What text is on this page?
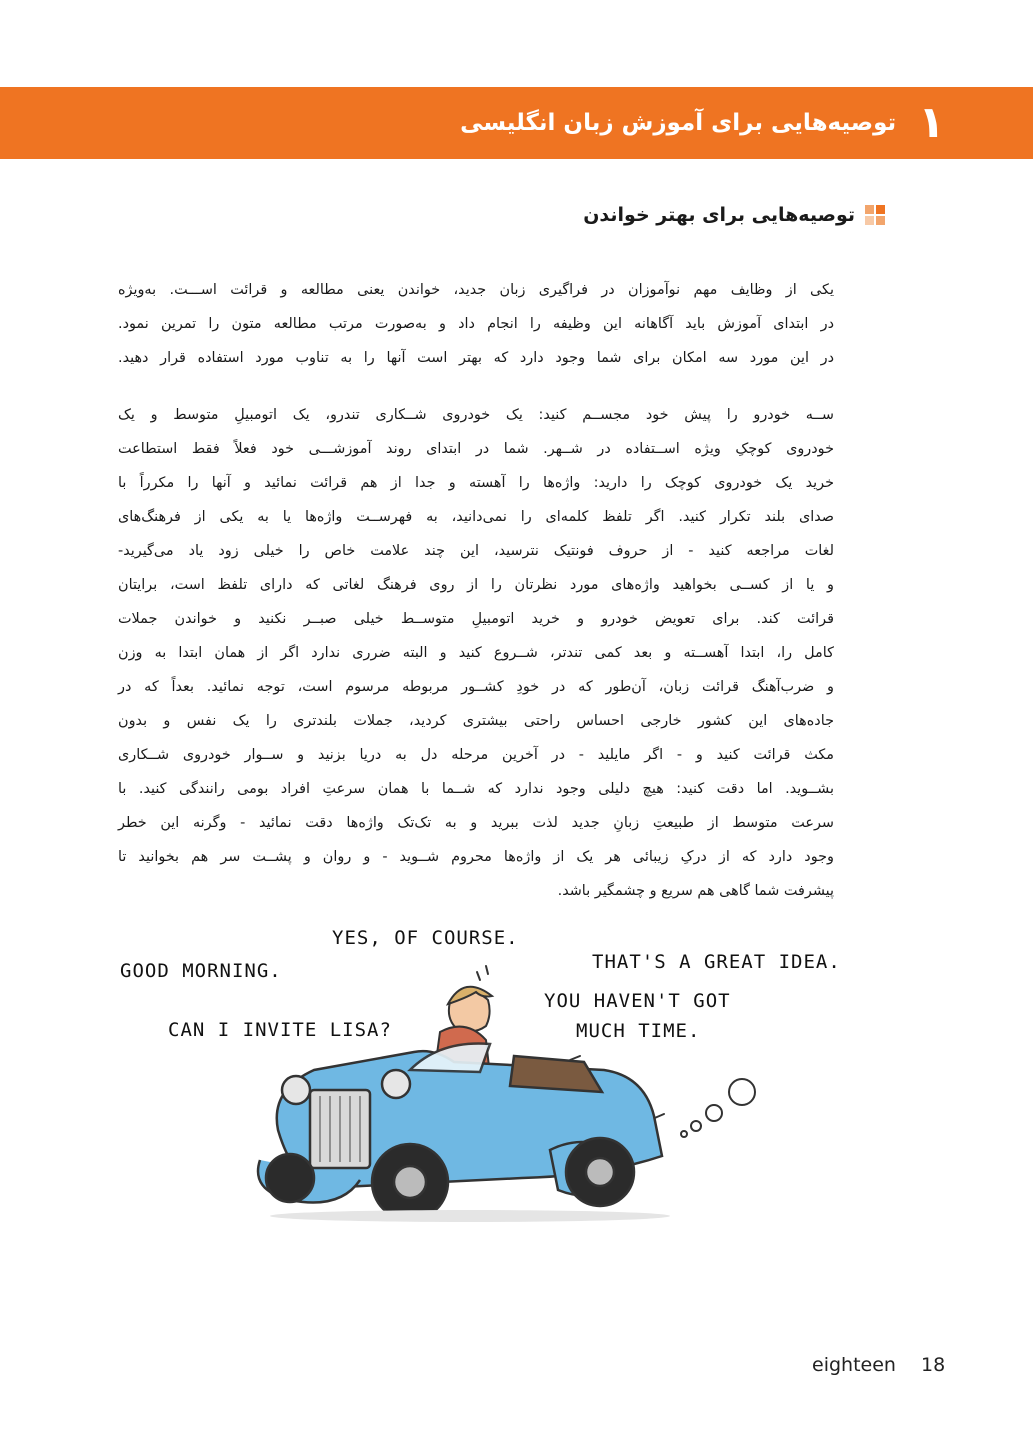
۱
توصیه‌هایی برای آموزش زبان انگلیسی
توصیه‌هایی برای بهتر خواندن
یکی از وظایف مهم نوآموزان در فراگیری زبان جدید، خواندن یعنی مطالعه و قرائت اســـت. به‌ویژه
در ابتدای آموزش باید آگاهانه این وظیفه را انجام داد و به‌صورت مرتب مطالعه متون را تمرین نمود.
در این مورد سه امکان برای شما وجود دارد که بهتر است آنها را به تناوب مورد استفاده قرار دهید.
ســه خودرو را پیش خود مجســم کنید: یک خودروی شــکاری تندرو، یک اتومبیلِ متوسط و یک
خودروی کوچکِ ویژه اســتفاده در شــهر. شما در ابتدای روند آموزشـــی خود فعلاً فقط استطاعت
خرید یک خودروی کوچک را دارید: واژه‌ها را آهسته و جدا از هم قرائت نمائید و آنها را مکرراً با
صدای بلند تکرار کنید. اگر تلفظ کلمه‌ای را نمی‌دانید، به فهرســت واژه‌ها یا به یکی از فرهنگ‌های
لغات مراجعه کنید - از حروف فونتیک نترسید، این چند علامت خاص را خیلی زود یاد می‌گیرید-
و یا از کســی بخواهید واژه‌های مورد نظرتان را از روی فرهنگ لغاتی که دارای تلفظ است، برایتان
قرائت کند. برای تعویض خودرو و خرید اتومبیلِ متوســط خیلی صبــر نکنید و خواندن جملات
کامل را، ابتدا آهســته و بعد کمی تندتر، شــروع کنید و البته ضرری ندارد اگر از همان ابتدا به وزن
و ضرب‌آهنگ قرائت زبان، آن‌طور که در خودِ کشــور مربوطه مرسوم است، توجه نمائید. بعداً که در
جاده‌های این کشور خارجی احساس راحتی بیشتری کردید، جملات بلندتری را یک نفس و بدون
مکث قرائت کنید و - اگر مایلید - در آخرین مرحله دل به دریا بزنید و ســوار خودروی شــکاری
بشــوید. اما دقت کنید: هیچ دلیلی وجود ندارد که شــما با همان سرعتِ افراد بومی رانندگی کنید. با
سرعت متوسط از طبیعتِ زبانِ جدید لذت ببرید و به تک‌تک واژه‌ها دقت نمائید - وگرنه این خطر
وجود دارد که از درکِ زیبائی هر یک از واژه‌ها محروم شــوید - و روان و پشــت سر هم بخوانید تا
پیشرفت شما گاهی هم سریع و چشمگیر باشد.
GOOD MORNING.
YES, OF COURSE.
THAT'S A GREAT IDEA.
CAN I INVITE LISA?
YOU HAVEN'T GOT
MUCH TIME.
eighteen 18
